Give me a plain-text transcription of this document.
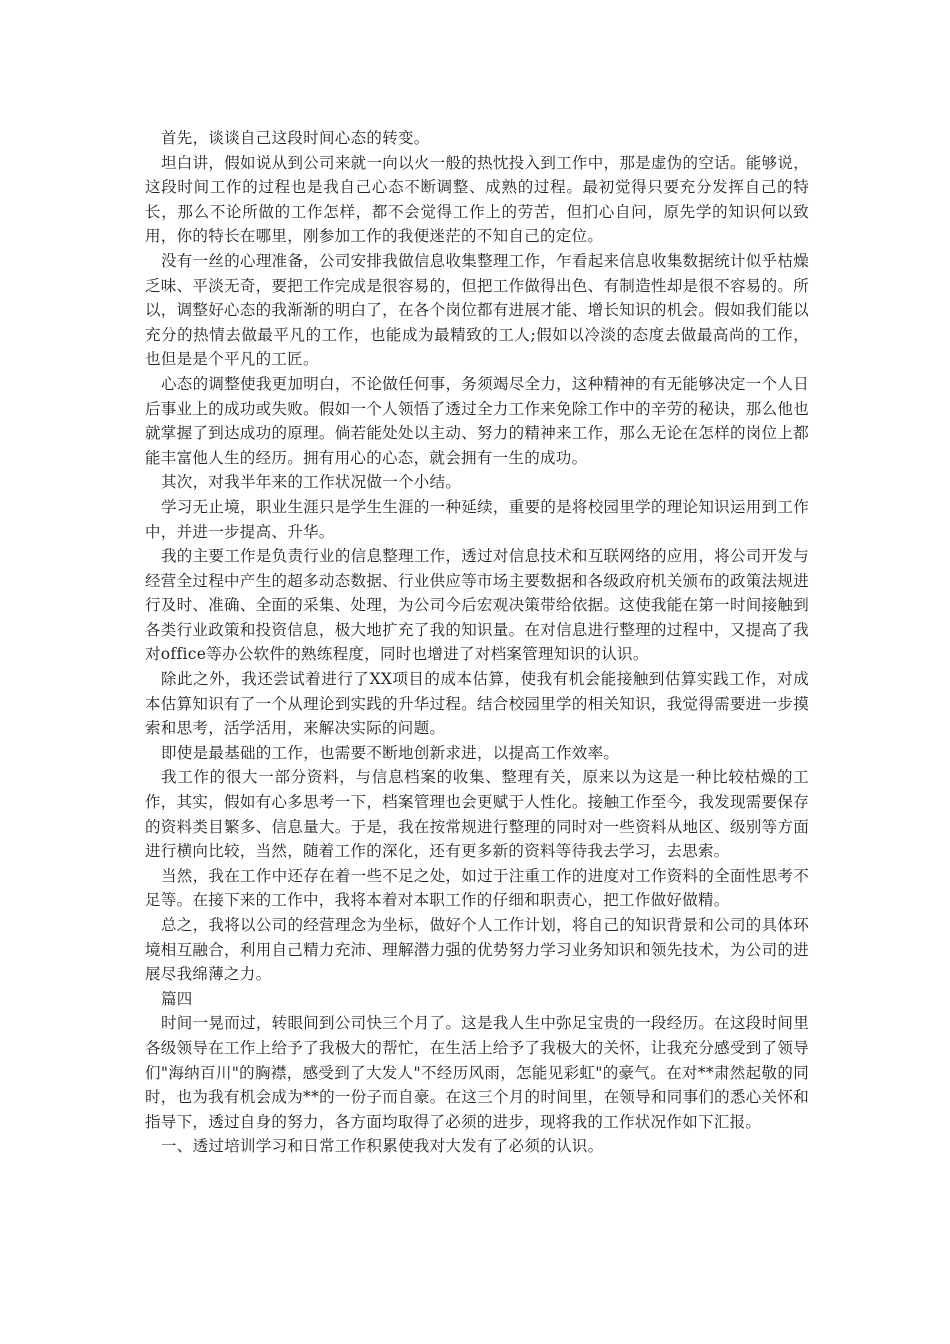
首先，谈谈自己这段时间心态的转变。

坦白讲，假如说从到公司来就一向以火一般的热忱投入到工作中，那是虚伪的空话。能够说，这段时间工作的过程也是我自己心态不断调整、成熟的过程。最初觉得只要充分发挥自己的特长，那么不论所做的工作怎样，都不会觉得工作上的劳苦，但扪心自问，原先学的知识何以致用，你的特长在哪里，刚参加工作的我便迷茫的不知自己的定位。

没有一丝的心理准备，公司安排我做信息收集整理工作，乍看起来信息收集数据统计似乎枯燥乏味、平淡无奇，要把工作完成是很容易的，但把工作做得出色、有制造性却是很不容易的。所以，调整好心态的我渐渐的明白了，在各个岗位都有进展才能、增长知识的机会。假如我们能以充分的热情去做最平凡的工作，也能成为最精致的工人;假如以冷淡的态度去做最高尚的工作，也但是是个平凡的工匠。

心态的调整使我更加明白，不论做任何事，务须竭尽全力，这种精神的有无能够决定一个人日后事业上的成功或失败。假如一个人领悟了透过全力工作来免除工作中的辛劳的秘诀，那么他也就掌握了到达成功的原理。倘若能处处以主动、努力的精神来工作，那么无论在怎样的岗位上都能丰富他人生的经历。拥有用心的心态，就会拥有一生的成功。

其次，对我半年来的工作状况做一个小结。

学习无止境，职业生涯只是学生生涯的一种延续，重要的是将校园里学的理论知识运用到工作中，并进一步提高、升华。

我的主要工作是负责行业的信息整理工作，透过对信息技术和互联网络的应用，将公司开发与经营全过程中产生的超多动态数据、行业供应等市场主要数据和各级政府机关颁布的政策法规进行及时、准确、全面的采集、处理，为公司今后宏观决策带给依据。这使我能在第一时间接触到各类行业政策和投资信息，极大地扩充了我的知识量。在对信息进行整理的过程中，又提高了我对office等办公软件的熟练程度，同时也增进了对档案管理知识的认识。

除此之外，我还尝试着进行了XX项目的成本估算，使我有机会能接触到估算实践工作，对成本估算知识有了一个从理论到实践的升华过程。结合校园里学的相关知识，我觉得需要进一步摸索和思考，活学活用，来解决实际的问题。

即使是最基础的工作，也需要不断地创新求进，以提高工作效率。

我工作的很大一部分资料，与信息档案的收集、整理有关，原来以为这是一种比较枯燥的工作，其实，假如有心多思考一下，档案管理也会更赋于人性化。接触工作至今，我发现需要保存的资料类目繁多、信息量大。于是，我在按常规进行整理的同时对一些资料从地区、级别等方面进行横向比较，当然，随着工作的深化，还有更多新的资料等待我去学习，去思索。

当然，我在工作中还存在着一些不足之处，如过于注重工作的进度对工作资料的全面性思考不足等。在接下来的工作中，我将本着对本职工作的仔细和职责心，把工作做好做精。

总之，我将以公司的经营理念为坐标，做好个人工作计划，将自己的知识背景和公司的具体环境相互融合，利用自己精力充沛、理解潜力强的优势努力学习业务知识和领先技术，为公司的进展尽我绵薄之力。

篇四

时间一晃而过，转眼间到公司快三个月了。这是我人生中弥足宝贵的一段经历。在这段时间里各级领导在工作上给予了我极大的帮忙，在生活上给予了我极大的关怀，让我充分感受到了领导们"海纳百川"的胸襟，感受到了大发人"不经历风雨，怎能见彩虹"的豪气。在对**肃然起敬的同时，也为我有机会成为**的一份子而自豪。在这三个月的时间里，在领导和同事们的悉心关怀和指导下，透过自身的努力，各方面均取得了必须的进步，现将我的工作状况作如下汇报。

一、透过培训学习和日常工作积累使我对大发有了必须的认识。
